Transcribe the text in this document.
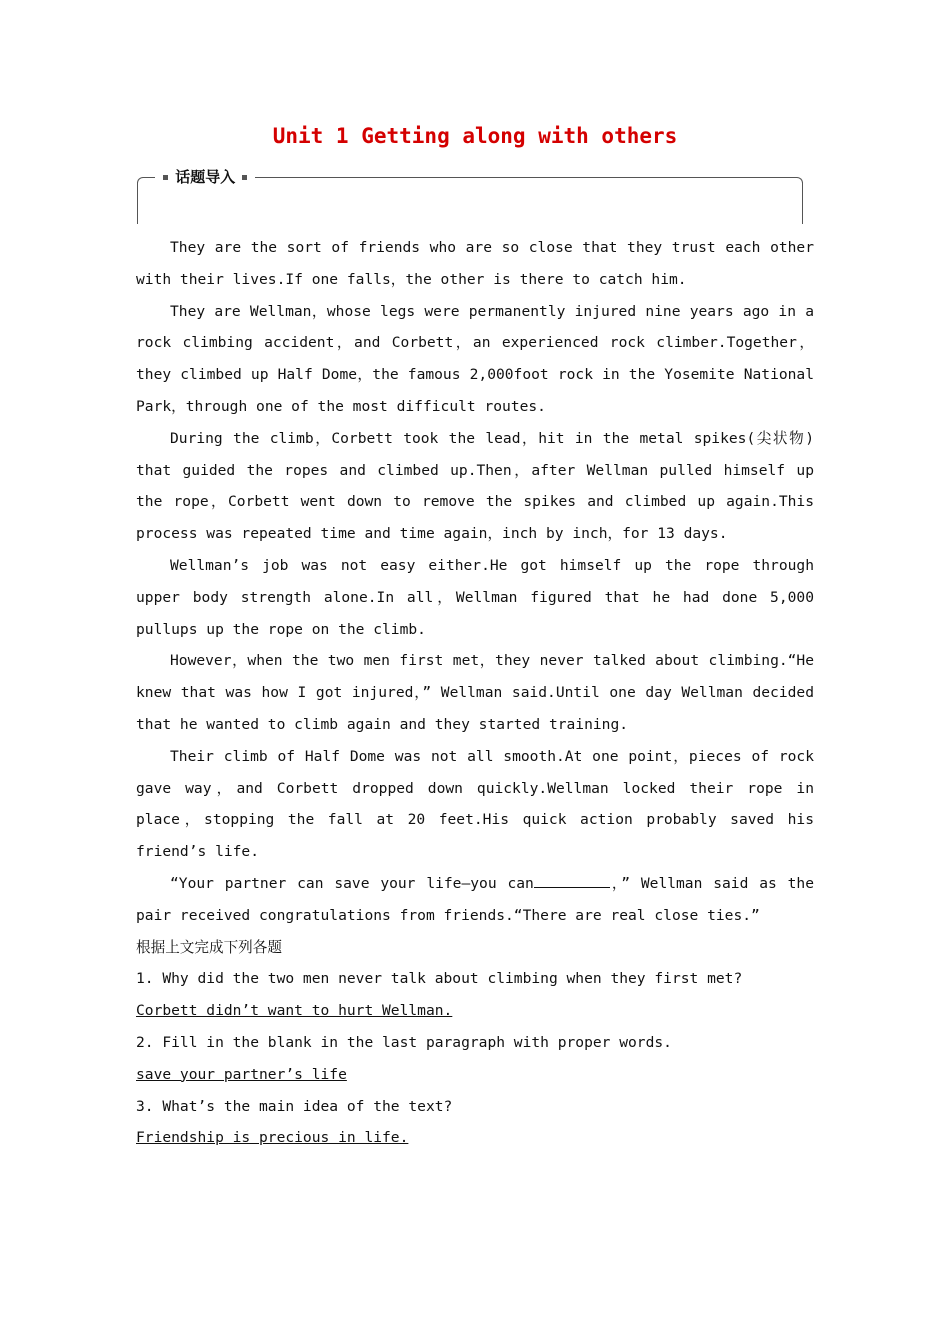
Unit 1 Getting along with others
话题导入

They are the sort of friends who are so close that they trust each other with their lives.If one falls，the other is there to catch him.

They are Wellman，whose legs were permanently injured nine years ago in a rock climbing accident，and Corbett，an experienced rock climber.Together，they climbed up Half Dome，the famous 2,000foot rock in the Yosemite National Park，through one of the most difficult routes.

During the climb，Corbett took the lead，hit in the metal spikes(尖状物) that guided the ropes and climbed up.Then，after Wellman pulled himself up the rope，Corbett went down to remove the spikes and climbed up again.This process was repeated time and time again，inch by inch，for 13 days.

Wellman’s job was not easy either.He got himself up the rope through upper body strength alone.In all，Wellman figured that he had done 5,000 pullups up the rope on the climb.

However，when the two men first met，they never talked about climbing.“He knew that was how I got injured，” Wellman said.Until one day Wellman decided that he wanted to climb again and they started training.

Their climb of Half Dome was not all smooth.At one point，pieces of rock gave way，and Corbett dropped down quickly.Wellman locked their rope in place，stopping the fall at 20 feet.His quick action probably saved his friend’s life.

“Your partner can save your life—you can	，” Wellman said as the pair received congratulations from friends.“There are real close ties.”

根据上文完成下列各题

1. Why did the two men never talk about climbing when they first met?

Corbett didn’t want to hurt Wellman.

2. Fill in the blank in the last paragraph with proper words.

save your partner’s life

3. What’s the main idea of the text?

Friendship is precious in life.
